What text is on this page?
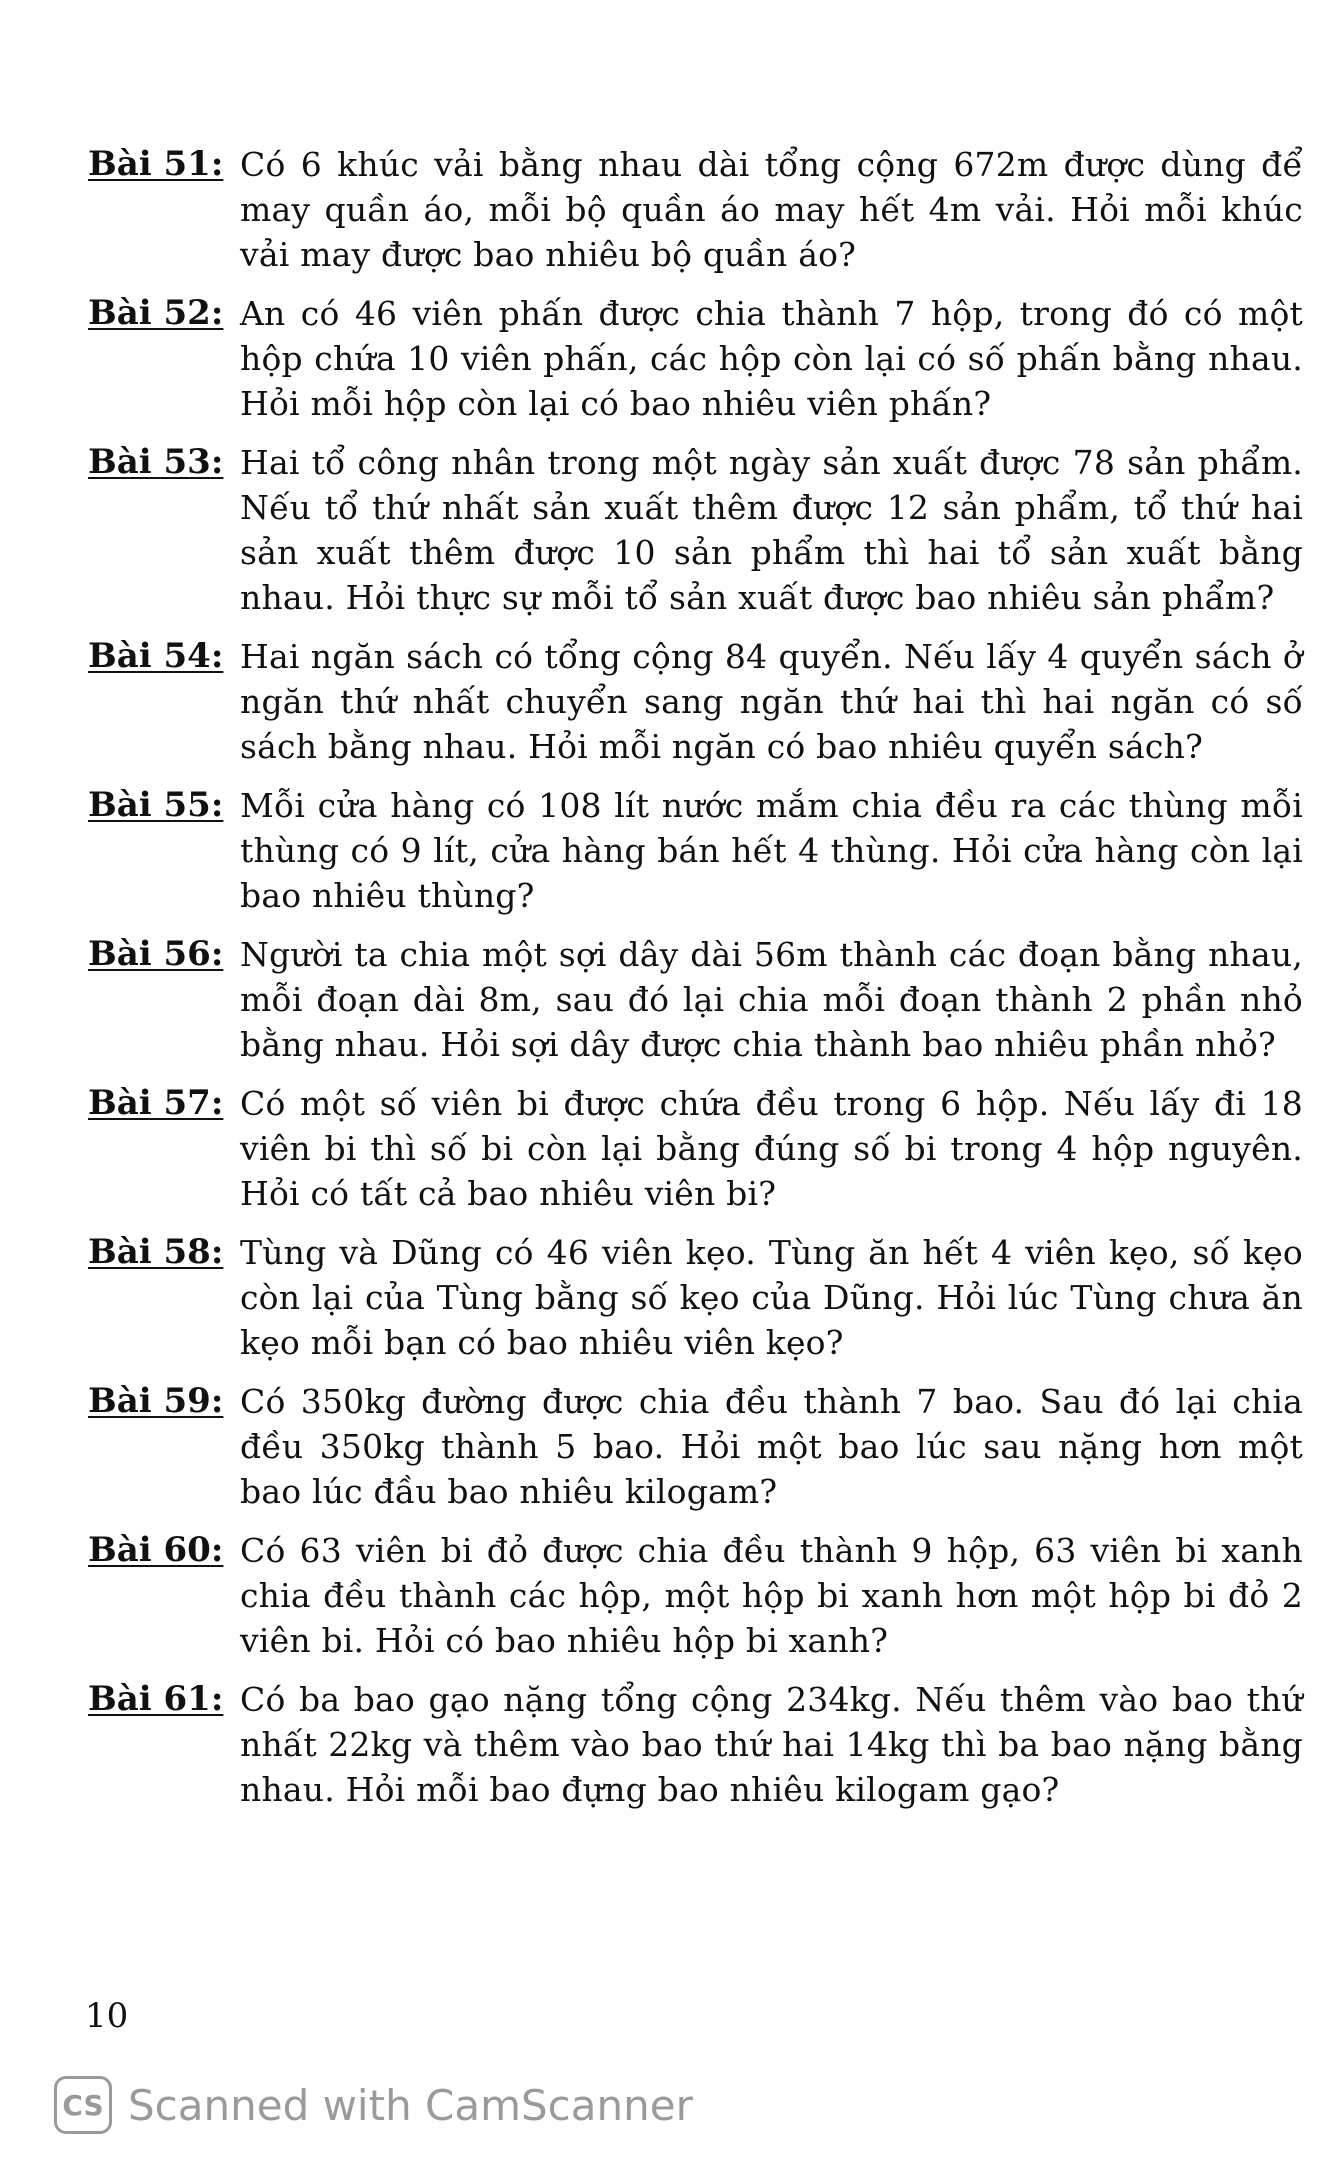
Bài 51: Có 6 khúc vải bằng nhau dài tổng cộng 672m được dùng để may quần áo, mỗi bộ quần áo may hết 4m vải. Hỏi mỗi khúc vải may được bao nhiêu bộ quần áo?
Bài 52: An có 46 viên phấn được chia thành 7 hộp, trong đó có một hộp chứa 10 viên phấn, các hộp còn lại có số phấn bằng nhau. Hỏi mỗi hộp còn lại có bao nhiêu viên phấn?
Bài 53: Hai tổ công nhân trong một ngày sản xuất được 78 sản phẩm. Nếu tổ thứ nhất sản xuất thêm được 12 sản phẩm, tổ thứ hai sản xuất thêm được 10 sản phẩm thì hai tổ sản xuất bằng nhau. Hỏi thực sự mỗi tổ sản xuất được bao nhiêu sản phẩm?
Bài 54: Hai ngăn sách có tổng cộng 84 quyển. Nếu lấy 4 quyển sách ở ngăn thứ nhất chuyển sang ngăn thứ hai thì hai ngăn có số sách bằng nhau. Hỏi mỗi ngăn có bao nhiêu quyển sách?
Bài 55: Mỗi cửa hàng có 108 lít nước mắm chia đều ra các thùng mỗi thùng có 9 lít, cửa hàng bán hết 4 thùng. Hỏi cửa hàng còn lại bao nhiêu thùng?
Bài 56: Người ta chia một sợi dây dài 56m thành các đoạn bằng nhau, mỗi đoạn dài 8m, sau đó lại chia mỗi đoạn thành 2 phần nhỏ bằng nhau. Hỏi sợi dây được chia thành bao nhiêu phần nhỏ?
Bài 57: Có một số viên bi được chứa đều trong 6 hộp. Nếu lấy đi 18 viên bi thì số bi còn lại bằng đúng số bi trong 4 hộp nguyên. Hỏi có tất cả bao nhiêu viên bi?
Bài 58: Tùng và Dũng có 46 viên kẹo. Tùng ăn hết 4 viên kẹo, số kẹo còn lại của Tùng bằng số kẹo của Dũng. Hỏi lúc Tùng chưa ăn kẹo mỗi bạn có bao nhiêu viên kẹo?
Bài 59: Có 350kg đường được chia đều thành 7 bao. Sau đó lại chia đều 350kg thành 5 bao. Hỏi một bao lúc sau nặng hơn một bao lúc đầu bao nhiêu kilogam?
Bài 60: Có 63 viên bi đỏ được chia đều thành 9 hộp, 63 viên bi xanh chia đều thành các hộp, một hộp bi xanh hơn một hộp bi đỏ 2 viên bi. Hỏi có bao nhiêu hộp bi xanh?
Bài 61: Có ba bao gạo nặng tổng cộng 234kg. Nếu thêm vào bao thứ nhất 22kg và thêm vào bao thứ hai 14kg thì ba bao nặng bằng nhau. Hỏi mỗi bao đựng bao nhiêu kilogam gạo?
10
CS Scanned with CamScanner
